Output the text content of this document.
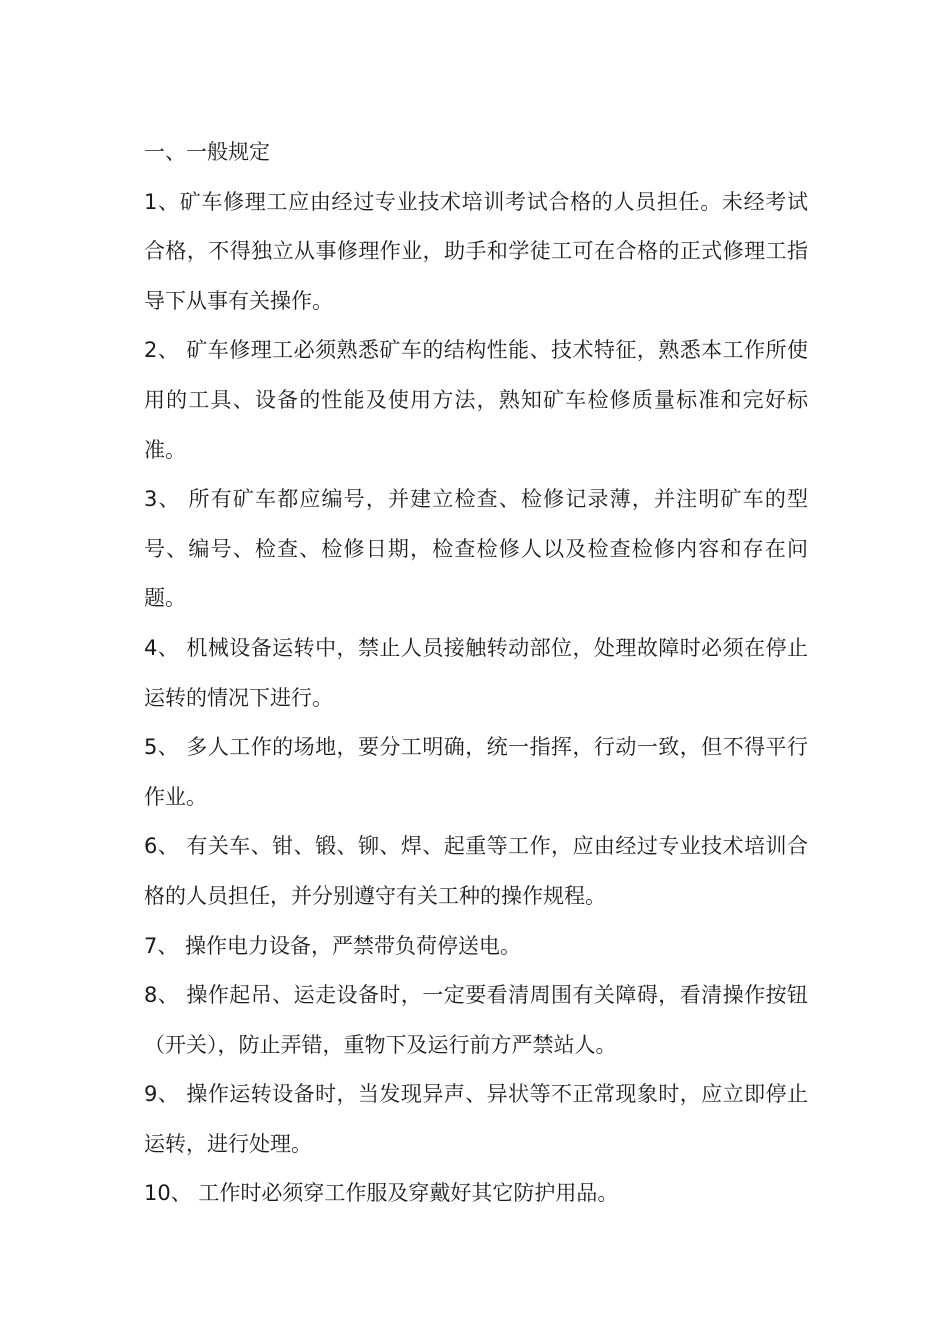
一、一般规定

1、矿车修理工应由经过专业技术培训考试合格的人员担任。未经考试合格，不得独立从事修理作业，助手和学徒工可在合格的正式修理工指导下从事有关操作。

2、 矿车修理工必须熟悉矿车的结构性能、技术特征，熟悉本工作所使用的工具、设备的性能及使用方法，熟知矿车检修质量标准和完好标准。

3、 所有矿车都应编号，并建立检查、检修记录薄，并注明矿车的型号、编号、检查、检修日期，检查检修人以及检查检修内容和存在问题。

4、 机械设备运转中，禁止人员接触转动部位，处理故障时必须在停止运转的情况下进行。

5、 多人工作的场地，要分工明确，统一指挥，行动一致，但不得平行作业。

6、 有关车、钳、锻、铆、焊、起重等工作，应由经过专业技术培训合格的人员担任，并分别遵守有关工种的操作规程。

7、 操作电力设备，严禁带负荷停送电。

8、 操作起吊、运走设备时，一定要看清周围有关障碍，看清操作按钮（开关），防止弄错，重物下及运行前方严禁站人。

9、 操作运转设备时，当发现异声、异状等不正常现象时，应立即停止运转，进行处理。

10、 工作时必须穿工作服及穿戴好其它防护用品。
